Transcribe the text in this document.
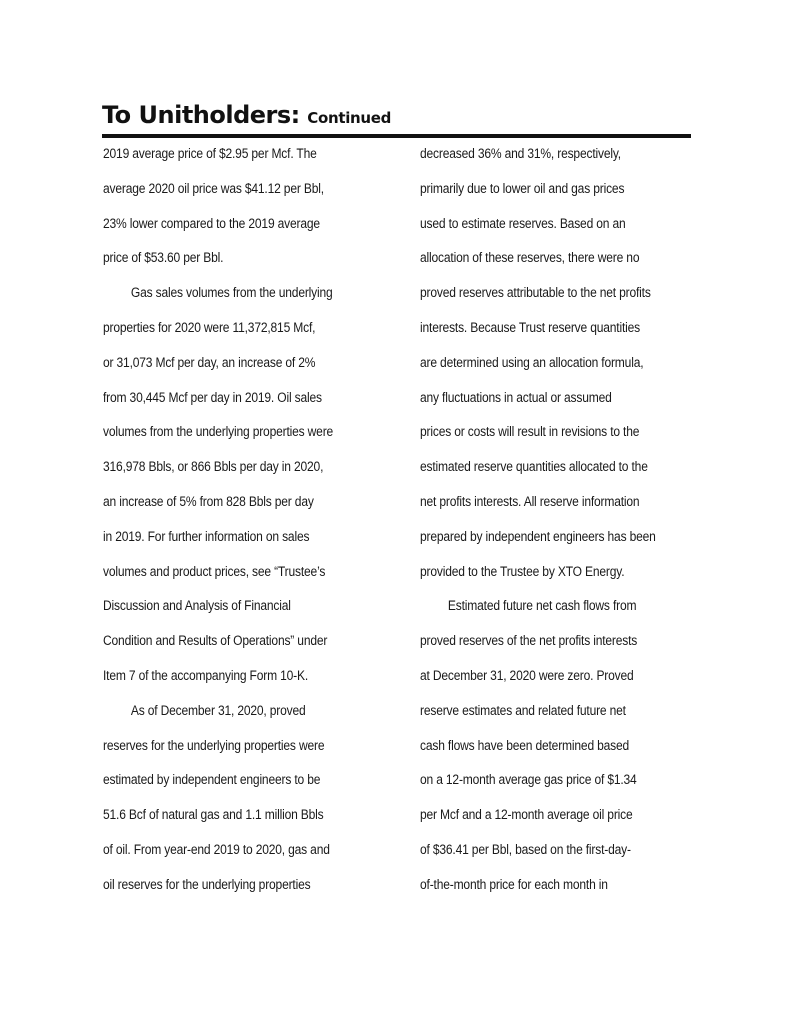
To Unitholders: Continued
2019 average price of $2.95 per Mcf. The
average 2020 oil price was $41.12 per Bbl,
23% lower compared to the 2019 average
price of $53.60 per Bbl.
Gas sales volumes from the underlying
properties for 2020 were 11,372,815 Mcf,
or 31,073 Mcf per day, an increase of 2%
from 30,445 Mcf per day in 2019. Oil sales
volumes from the underlying properties were
316,978 Bbls, or 866 Bbls per day in 2020,
an increase of 5% from 828 Bbls per day
in 2019. For further information on sales
volumes and product prices, see “Trustee’s
Discussion and Analysis of Financial
Condition and Results of Operations” under
Item 7 of the accompanying Form 10-K.
As of December 31, 2020, proved
reserves for the underlying properties were
estimated by independent engineers to be
51.6 Bcf of natural gas and 1.1 million Bbls
of oil. From year-end 2019 to 2020, gas and
oil reserves for the underlying properties
decreased 36% and 31%, respectively,
primarily due to lower oil and gas prices
used to estimate reserves. Based on an
allocation of these reserves, there were no
proved reserves attributable to the net profits
interests. Because Trust reserve quantities
are determined using an allocation formula,
any fluctuations in actual or assumed
prices or costs will result in revisions to the
estimated reserve quantities allocated to the
net profits interests. All reserve information
prepared by independent engineers has been
provided to the Trustee by XTO Energy.
Estimated future net cash flows from
proved reserves of the net profits interests
at December 31, 2020 were zero. Proved
reserve estimates and related future net
cash flows have been determined based
on a 12-month average gas price of $1.34
per Mcf and a 12-month average oil price
of $36.41 per Bbl, based on the first-day-
of-the-month price for each month in
